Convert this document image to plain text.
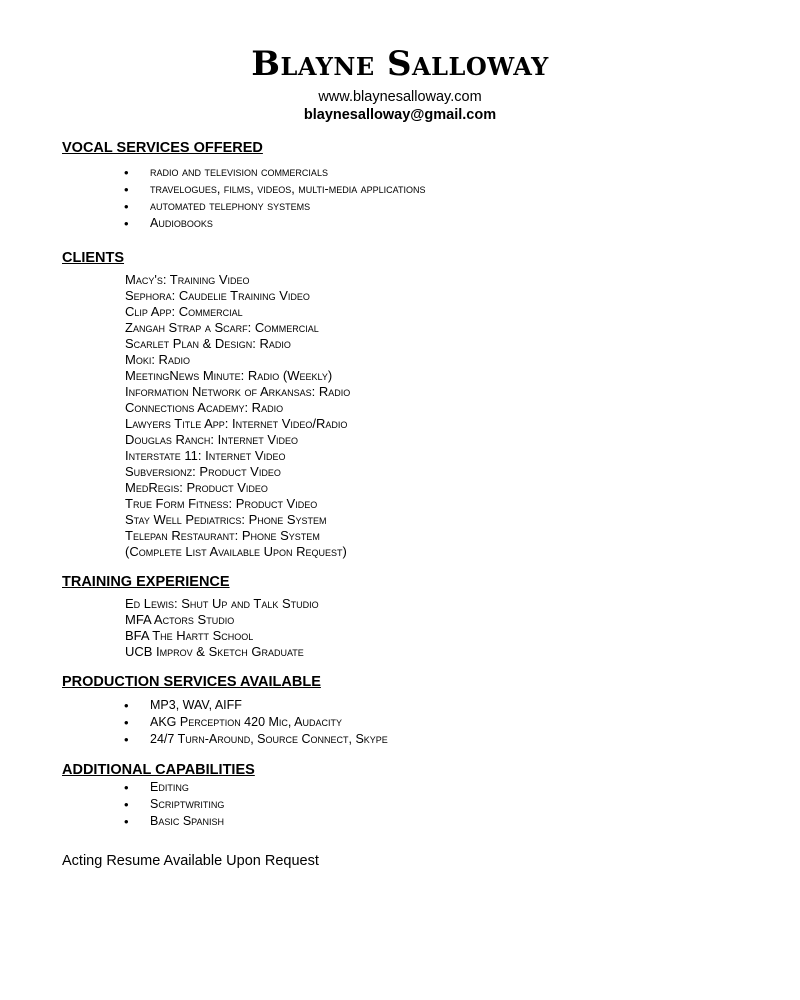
Blayne Salloway
www.blaynesalloway.com
blaynesalloway@gmail.com
VOCAL SERVICES OFFERED
• radio and television commercials
• travelogues, films, videos, multi-media applications
• automated telephony systems
• Audiobooks
CLIENTS
Macy's: Training Video
Sephora: Caudelie Training Video
Clip App: Commercial
Zangah Strap a Scarf: Commercial
Scarlet Plan & Design: Radio
Moki: Radio
MeetingNews Minute: Radio (Weekly)
Information Network of Arkansas: Radio
Connections Academy: Radio
Lawyers Title App: Internet Video/Radio
Douglas Ranch: Internet Video
Interstate 11: Internet Video
Subversionz: Product Video
MedRegis: Product Video
True Form Fitness: Product Video
Stay Well Pediatrics: Phone System
Telepan Restaurant: Phone System
(Complete List Available Upon Request)
TRAINING EXPERIENCE
Ed Lewis: Shut Up and Talk Studio
MFA Actors Studio
BFA The Hartt School
UCB Improv & Sketch Graduate
PRODUCTION SERVICES AVAILABLE
• MP3, WAV, AIFF
• AKG Perception 420 Mic, Audacity
• 24/7 Turn-Around, Source Connect, Skype
ADDITIONAL CAPABILITIES
• Editing
• Scriptwriting
• Basic Spanish
Acting Resume Available Upon Request
